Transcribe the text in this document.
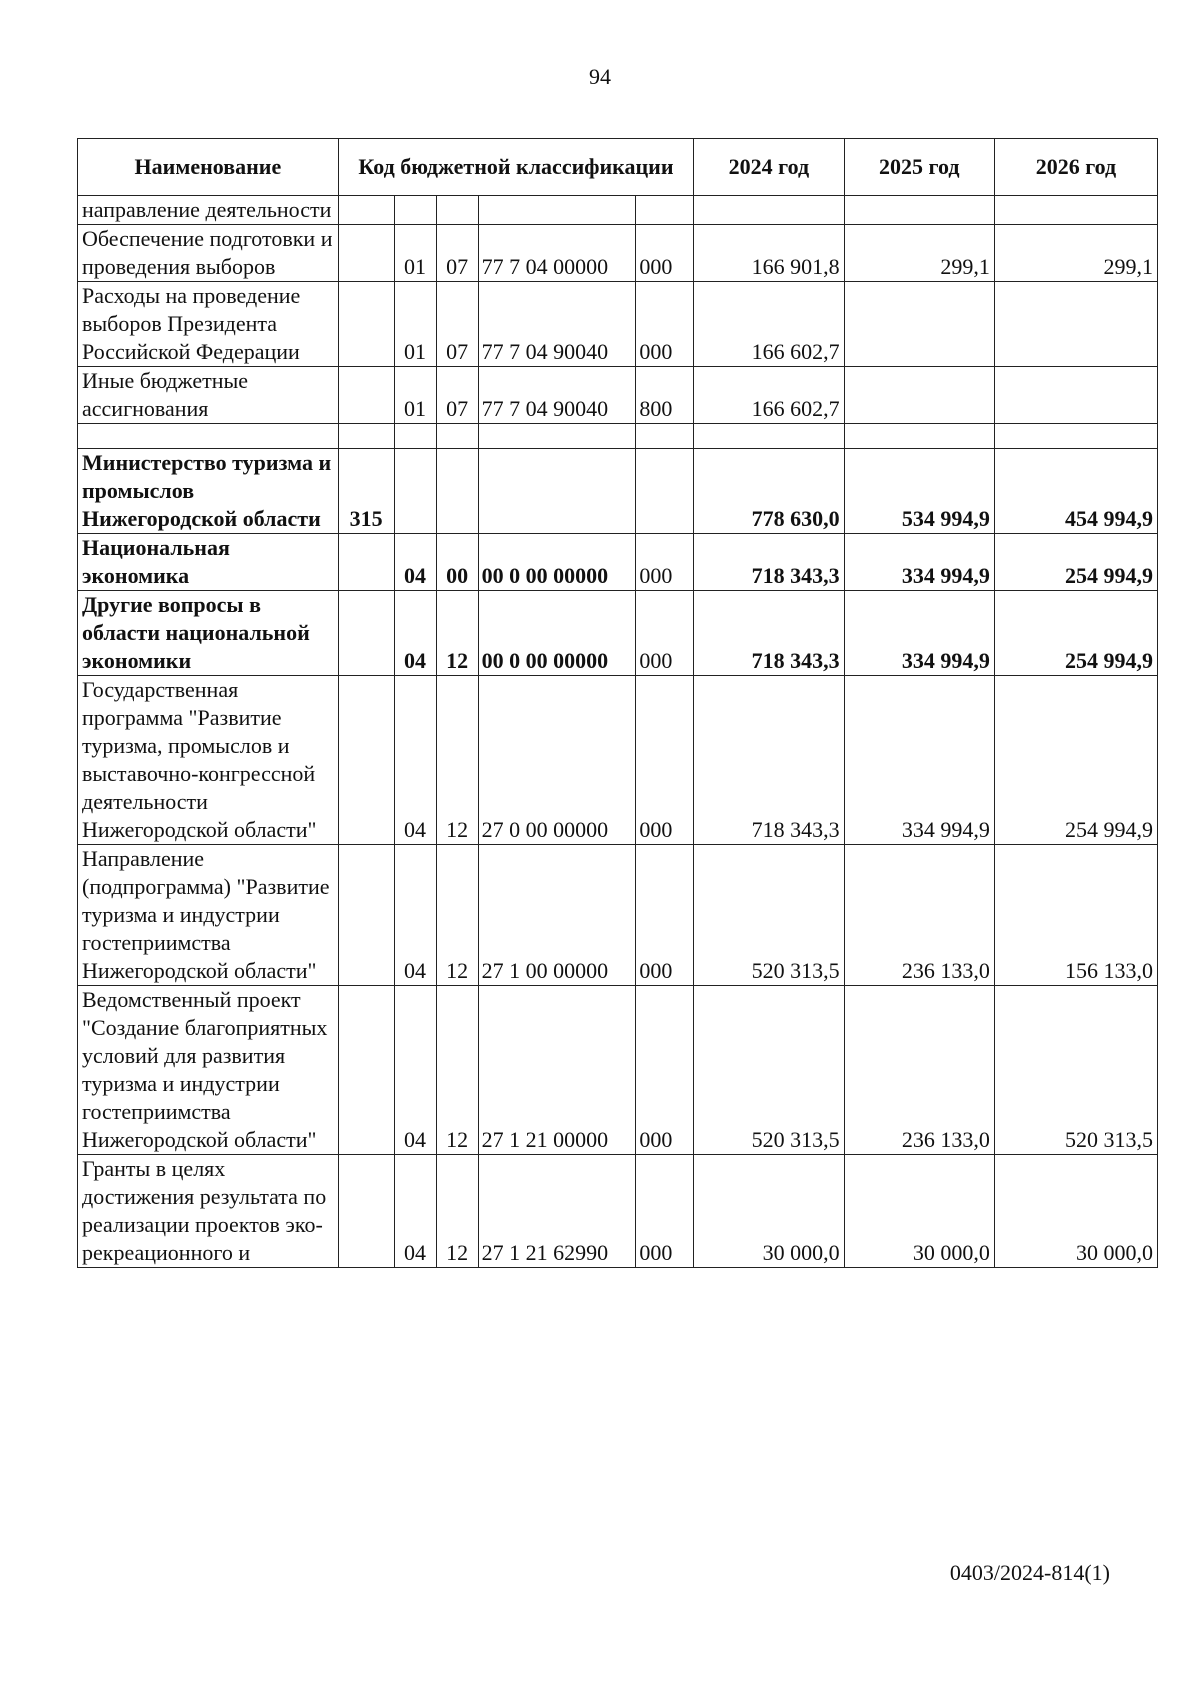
94
Наименование	Код бюджетной классификации					2024 год	2025 год	2026 год
направление деятельности								
Обеспечение подготовки и проведения выборов		01	07	77 7 04 00000	000	166 901,8	299,1	299,1
Расходы на проведение выборов Президента Российской Федерации		01	07	77 7 04 90040	000	166 602,7		
Иные бюджетные ассигнования		01	07	77 7 04 90040	800	166 602,7		

Министерство туризма и промыслов Нижегородской области	315					778 630,0	534 994,9	454 994,9
Национальная экономика		04	00	00 0 00 00000	000	718 343,3	334 994,9	254 994,9
Другие вопросы в области национальной экономики		04	12	00 0 00 00000	000	718 343,3	334 994,9	254 994,9
Государственная программа "Развитие туризма, промыслов и выставочно-конгрессной деятельности Нижегородской области"		04	12	27 0 00 00000	000	718 343,3	334 994,9	254 994,9
Направление (подпрограмма) "Развитие туризма и индустрии гостеприимства Нижегородской области"		04	12	27 1 00 00000	000	520 313,5	236 133,0	156 133,0
Ведомственный проект "Создание благоприятных условий для развития туризма и индустрии гостеприимства Нижегородской области"		04	12	27 1 21 00000	000	520 313,5	236 133,0	520 313,5
Гранты в целях достижения результата по реализации проектов эко-рекреационного и		04	12	27 1 21 62990	000	30 000,0	30 000,0	30 000,0
0403/2024-814(1)
